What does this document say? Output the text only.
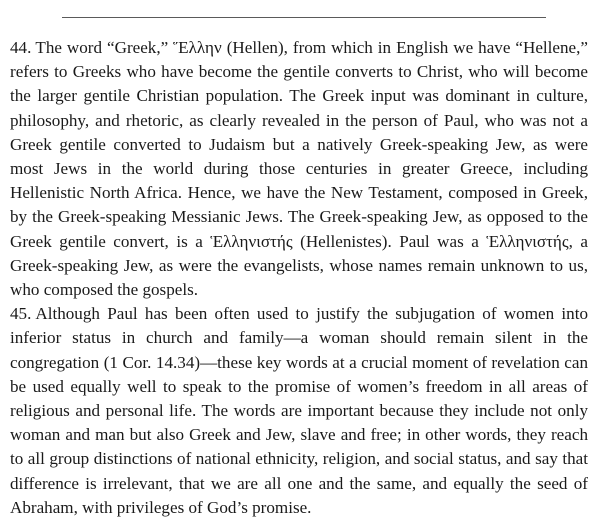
44. The word “Greek,” Ἕλλην (Hellen), from which in English we have “Hellene,” refers to Greeks who have become the gentile converts to Christ, who will become the larger gentile Christian population. The Greek input was dominant in culture, philosophy, and rhetoric, as clearly revealed in the person of Paul, who was not a Greek gentile converted to Judaism but a natively Greek-speaking Jew, as were most Jews in the world during those centuries in greater Greece, including Hellenistic North Africa. Hence, we have the New Testament, composed in Greek, by the Greek-speaking Messianic Jews. The Greek-speaking Jew, as opposed to the Greek gentile convert, is a Ἑλληνιστής (Hellenistes). Paul was a Ἑλληνιστής, a Greek-speaking Jew, as were the evangelists, whose names remain unknown to us, who composed the gospels.

45. Although Paul has been often used to justify the subjugation of women into inferior status in church and family—a woman should remain silent in the congregation (1 Cor. 14.34)—these key words at a crucial moment of revelation can be used equally well to speak to the promise of women’s freedom in all areas of religious and personal life. The words are important because they include not only woman and man but also Greek and Jew, slave and free; in other words, they reach to all group distinctions of national ethnicity, religion, and social status, and say that difference is irrelevant, that we are all one and the same, and equally the seed of Abraham, with privileges of God’s promise.
